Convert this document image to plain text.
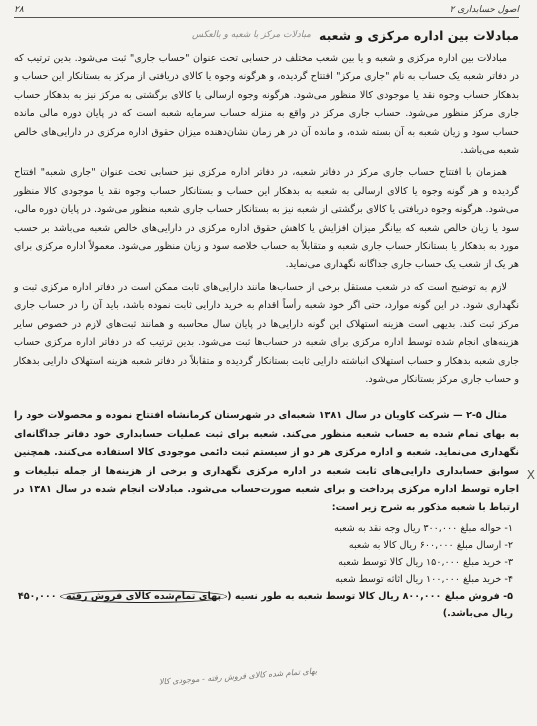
اصول حسابداری ۲
۲۸
مبادلات بین اداره مرکزی و شعبه
مبادلات مرکز با شعبه و بالعکس

مبادلات بین اداره مرکزی و شعبه و یا بین شعب مختلف در حسابی تحت عنوان "حساب جاری" ثبت می‌شود. بدین ترتیب که در دفاتر شعبه یک حساب به نام "جاری مرکز" افتتاح گردیده، و هرگونه وجوه یا کالای دریافتی از مرکز به بستانکار این حساب و بدهکار حساب وجوه نقد یا موجودی کالا منظور می‌شود. هرگونه وجوه ارسالی یا کالای برگشتی به مرکز نیز به بدهکار حساب جاری مرکز منظور می‌شود. حساب جاری مرکز در واقع به منزله حساب سرمایه شعبه است که در پایان دوره مالی مانده حساب سود و زیان شعبه به آن بسته شده، و مانده آن در هر زمان نشان‌دهنده میزان حقوق اداره مرکزی در دارایی‌های خالص شعبه می‌باشد.

همزمان با افتتاح حساب جاری مرکز در دفاتر شعبه، در دفاتر اداره مرکزی نیز حسابی تحت عنوان "جاری شعبه" افتتاح گردیده و هر گونه وجوه یا کالای ارسالی به شعبه به بدهکار این حساب و بستانکار حساب وجوه نقد یا موجودی کالا منظور می‌شود. هرگونه وجوه دریافتی یا کالای برگشتی از شعبه نیز به بستانکار حساب جاری شعبه منظور می‌شود. در پایان دوره مالی، سود یا زیان خالص شعبه که بیانگر میزان افزایش یا کاهش حقوق اداره مرکزی در دارایی‌های خالص شعبه می‌باشد بر حسب مورد به بدهکار یا بستانکار حساب جاری شعبه و متقابلاً به حساب خلاصه سود و زیان منظور می‌شود. معمولاً اداره مرکزی برای هر یک از شعب یک حساب جاری جداگانه نگهداری می‌نماید.

لازم به توضیح است که در شعب مستقل برخی از حساب‌ها مانند دارایی‌های ثابت ممکن است در دفاتر اداره مرکزی ثبت و نگهداری شود. در این گونه موارد، حتی اگر خود شعبه رأساً اقدام به خرید دارایی ثابت نموده باشد، باید آن را در حساب جاری مرکز ثبت کند. بدیهی است هزینه استهلاک این گونه دارایی‌ها در پایان سال محاسبه و همانند ثبت‌های لازم در خصوص سایر هزینه‌های انجام شده توسط اداره مرکزی برای شعبه در حساب‌ها ثبت می‌شود. بدین ترتیب که در دفاتر اداره مرکزی حساب جاری شعبه بدهکار و حساب استهلاک انباشته دارایی ثابت بستانکار گردیده و متقابلاً در دفاتر شعبه هزینه استهلاک دارایی بدهکار و حساب جاری مرکز بستانکار می‌شود.

مثال ۵-۲ — شرکت کاویان در سال ۱۳۸۱ شعبه‌ای در شهرستان کرمانشاه افتتاح نموده و محصولات خود را به بهای تمام شده به حساب شعبه منظور می‌کند. شعبه برای ثبت عملیات حسابداری خود دفاتر جداگانه‌ای نگهداری می‌نماید. شعبه و اداره مرکزی هر دو از سیستم ثبت دائمی موجودی کالا استفاده می‌کنند. همچنین سوابق حسابداری دارایی‌های ثابت شعبه در اداره مرکزی نگهداری و برخی از هزینه‌ها از جمله تبلیغات و اجاره توسط اداره مرکزی پرداخت و برای شعبه صورت‌حساب می‌شود. مبادلات انجام شده در سال ۱۳۸۱ در ارتباط با شعبه مذکور به شرح زیر است:

۱- حواله مبلغ ۳۰۰,۰۰۰ ریال وجه نقد به شعبه
۲- ارسال مبلغ ۶۰۰,۰۰۰ ریال کالا به شعبه
۳- خرید مبلغ ۱۵۰,۰۰۰ ریال کالا توسط شعبه
۴- خرید مبلغ ۱۰۰,۰۰۰ ریال اثاثه توسط شعبه
۵- فروش مبلغ ۸۰۰,۰۰۰ ریال کالا توسط شعبه به طور نسیه (بهای تمام‌شده کالای فروش رفته ۴۵۰,۰۰۰ ریال می‌باشد.)
بهای تمام شده کالای فروش رفته - موجودی کالا
X
